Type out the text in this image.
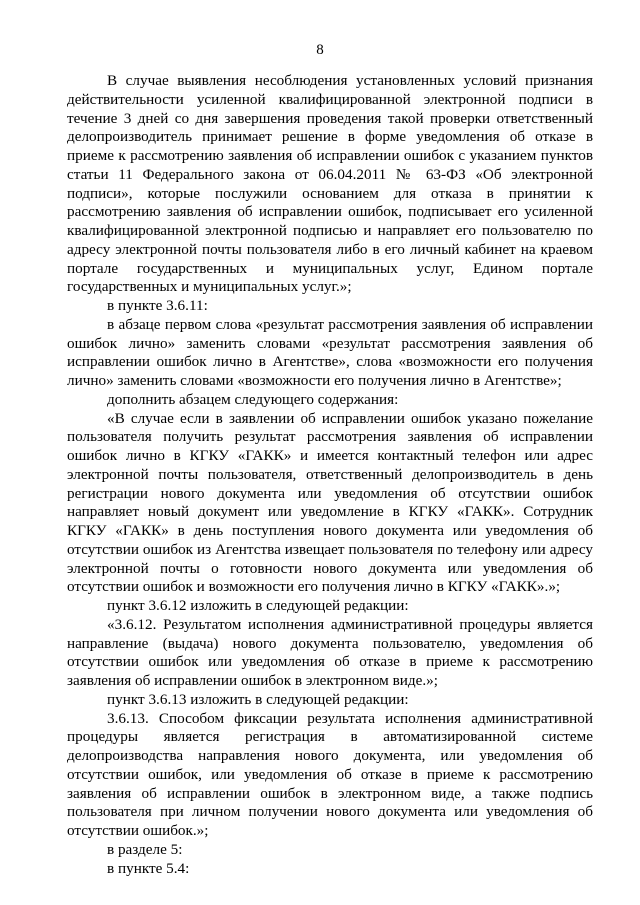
8

В случае выявления несоблюдения установленных условий признания действительности усиленной квалифицированной электронной подписи в течение 3 дней со дня завершения проведения такой проверки ответственный делопроизводитель принимает решение в форме уведомления об отказе в приеме к рассмотрению заявления об исправлении ошибок с указанием пунктов статьи 11 Федерального закона от 06.04.2011 № 63-ФЗ «Об электронной подписи», которые послужили основанием для отказа в принятии к рассмотрению заявления об исправлении ошибок, подписывает его усиленной квалифицированной электронной подписью и направляет его пользователю по адресу электронной почты пользователя либо в его личный кабинет на краевом портале государственных и муниципальных услуг, Едином портале государственных и муниципальных услуг.»;

в пункте 3.6.11:

в абзаце первом слова «результат рассмотрения заявления об исправлении ошибок лично» заменить словами «результат рассмотрения заявления об исправлении ошибок лично в Агентстве», слова «возможности его получения лично» заменить словами «возможности его получения лично в Агентстве»;

дополнить абзацем следующего содержания:

«В случае если в заявлении об исправлении ошибок указано пожелание пользователя получить результат рассмотрения заявления об исправлении ошибок лично в КГКУ «ГАКК» и имеется контактный телефон или адрес электронной почты пользователя, ответственный делопроизводитель в день регистрации нового документа или уведомления об отсутствии ошибок направляет новый документ или уведомление в КГКУ «ГАКК». Сотрудник КГКУ «ГАКК» в день поступления нового документа или уведомления об отсутствии ошибок из Агентства извещает пользователя по телефону или адресу электронной почты о готовности нового документа или уведомления об отсутствии ошибок и возможности его получения лично в КГКУ «ГАКК».»;

пункт 3.6.12 изложить в следующей редакции:

«3.6.12. Результатом исполнения административной процедуры является направление (выдача) нового документа пользователю, уведомления об отсутствии ошибок или уведомления об отказе в приеме к рассмотрению заявления об исправлении ошибок в электронном виде.»;

пункт 3.6.13 изложить в следующей редакции:

3.6.13. Способом фиксации результата исполнения административной процедуры является регистрация в автоматизированной системе делопроизводства направления нового документа, или уведомления об отсутствии ошибок, или уведомления об отказе в приеме к рассмотрению заявления об исправлении ошибок в электронном виде, а также подпись пользователя при личном получении нового документа или уведомления об отсутствии ошибок.»;

в разделе 5:

в пункте 5.4:
